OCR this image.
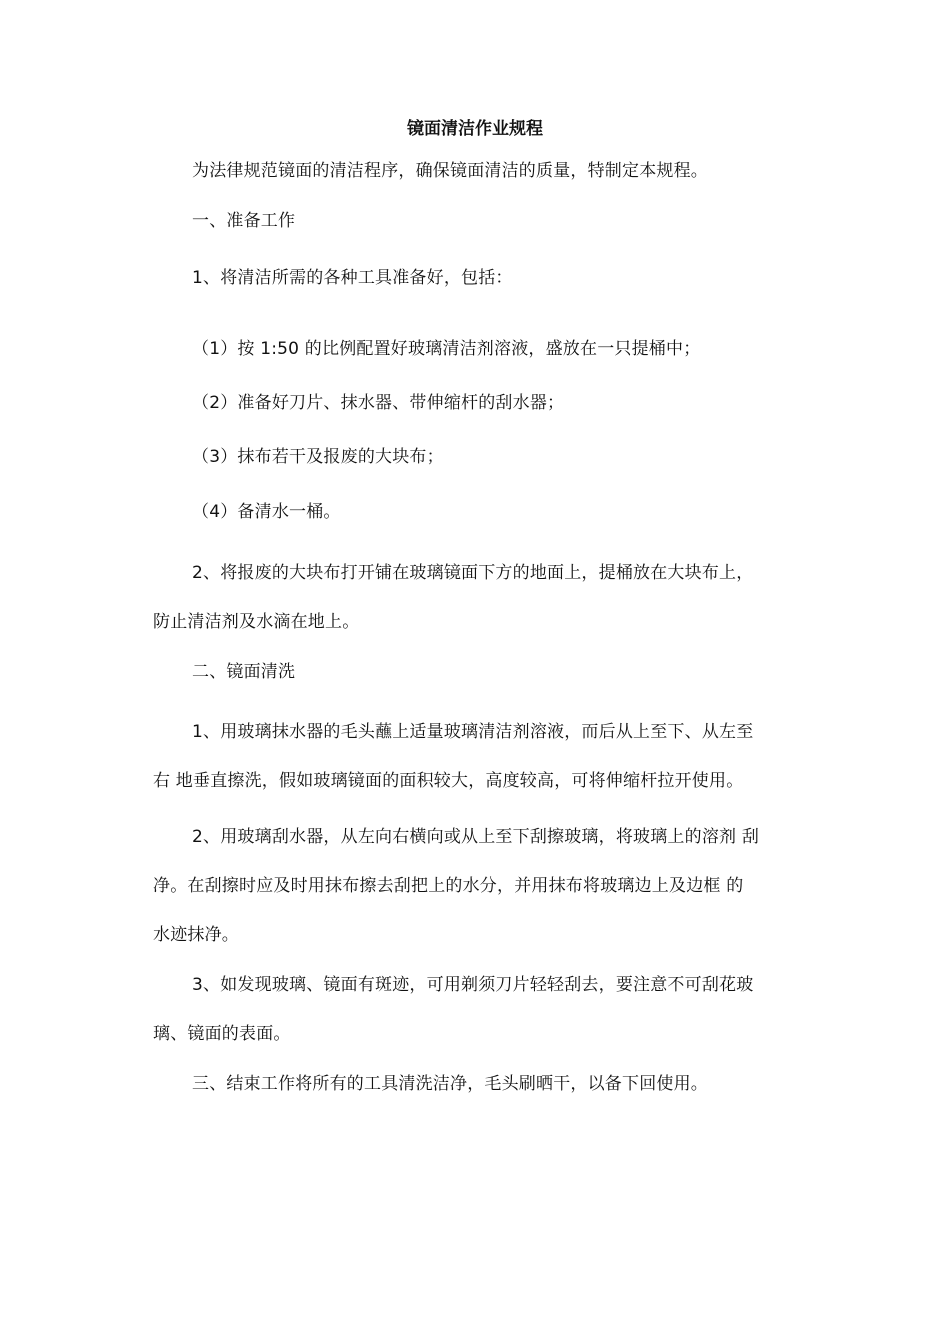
镜面清洁作业规程
为法律规范镜面的清洁程序，确保镜面清洁的质量，特制定本规程。
一、准备工作
1、将清洁所需的各种工具准备好，包括：
（1）按 1:50 的比例配置好玻璃清洁剂溶液，盛放在一只提桶中；
（2）准备好刀片、抹水器、带伸缩杆的刮水器；
（3）抹布若干及报废的大块布；
（4）备清水一桶。
2、将报废的大块布打开铺在玻璃镜面下方的地面上，提桶放在大块布上，
防止清洁剂及水滴在地上。
二、镜面清洗
1、用玻璃抹水器的毛头蘸上适量玻璃清洁剂溶液，而后从上至下、从左至
右 地垂直擦洗，假如玻璃镜面的面积较大，高度较高，可将伸缩杆拉开使用。
2、用玻璃刮水器，从左向右横向或从上至下刮擦玻璃，将玻璃上的溶剂 刮
净。在刮擦时应及时用抹布擦去刮把上的水分，并用抹布将玻璃边上及边框 的
水迹抹净。
3、如发现玻璃、镜面有斑迹，可用剃须刀片轻轻刮去，要注意不可刮花玻
璃、镜面的表面。
三、结束工作将所有的工具清洗洁净，毛头刷晒干，以备下回使用。
